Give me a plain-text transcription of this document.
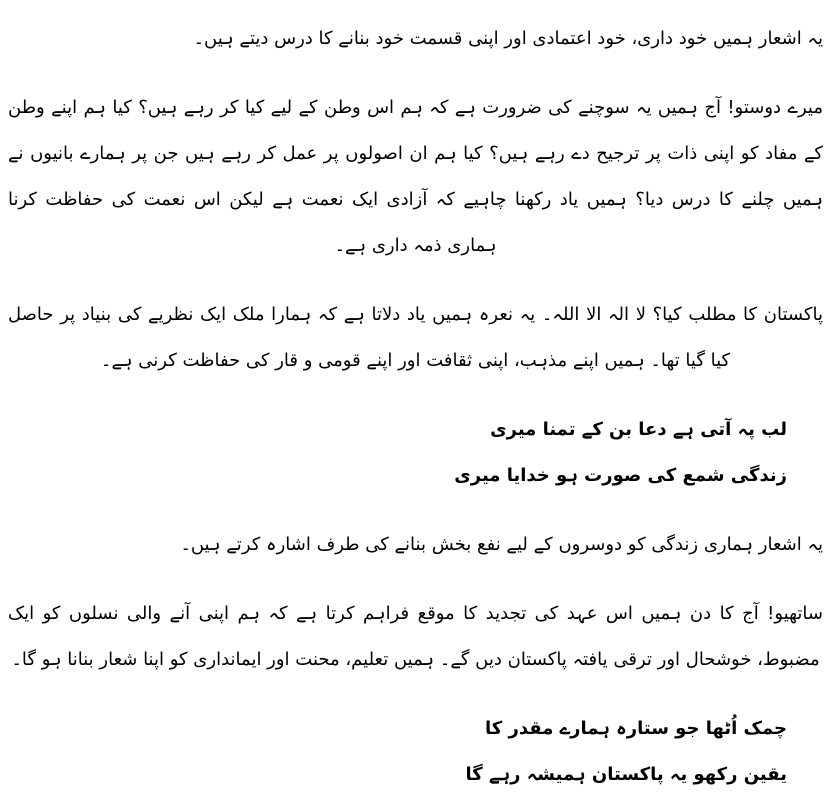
یہ اشعار ہمیں خود داری، خود اعتمادی اور اپنی قسمت خود بنانے کا درس دیتے ہیں۔

میرے دوستو! آج ہمیں یہ سوچنے کی ضرورت ہے کہ ہم اس وطن کے لیے کیا کر رہے ہیں؟ کیا ہم اپنے وطن کے مفاد کو اپنی ذات پر ترجیح دے رہے ہیں؟ کیا ہم ان اصولوں پر عمل کر رہے ہیں جن پر ہمارے بانیوں نے ہمیں چلنے کا درس دیا؟ ہمیں یاد رکھنا چاہیے کہ آزادی ایک نعمت ہے لیکن اس نعمت کی حفاظت کرنا ہماری ذمہ داری ہے۔

پاکستان کا مطلب کیا؟ لا الہ الا اللہ۔ یہ نعرہ ہمیں یاد دلاتا ہے کہ ہمارا ملک ایک نظریے کی بنیاد پر حاصل کیا گیا تھا۔ ہمیں اپنے مذہب، اپنی ثقافت اور اپنے قومی و قار کی حفاظت کرنی ہے۔

لب پہ آتی ہے دعا بن کے تمنا میری
زندگی شمع کی صورت ہو خدایا میری

یہ اشعار ہماری زندگی کو دوسروں کے لیے نفع بخش بنانے کی طرف اشارہ کرتے ہیں۔

ساتھیو! آج کا دن ہمیں اس عہد کی تجدید کا موقع فراہم کرتا ہے کہ ہم اپنی آنے والی نسلوں کو ایک مضبوط، خوشحال اور ترقی یافتہ پاکستان دیں گے۔ ہمیں تعلیم، محنت اور ایمانداری کو اپنا شعار بنانا ہو گا۔

چمک اُٹھا جو ستارہ ہمارے مقدر کا
یقین رکھو یہ پاکستان ہمیشہ رہے گا
